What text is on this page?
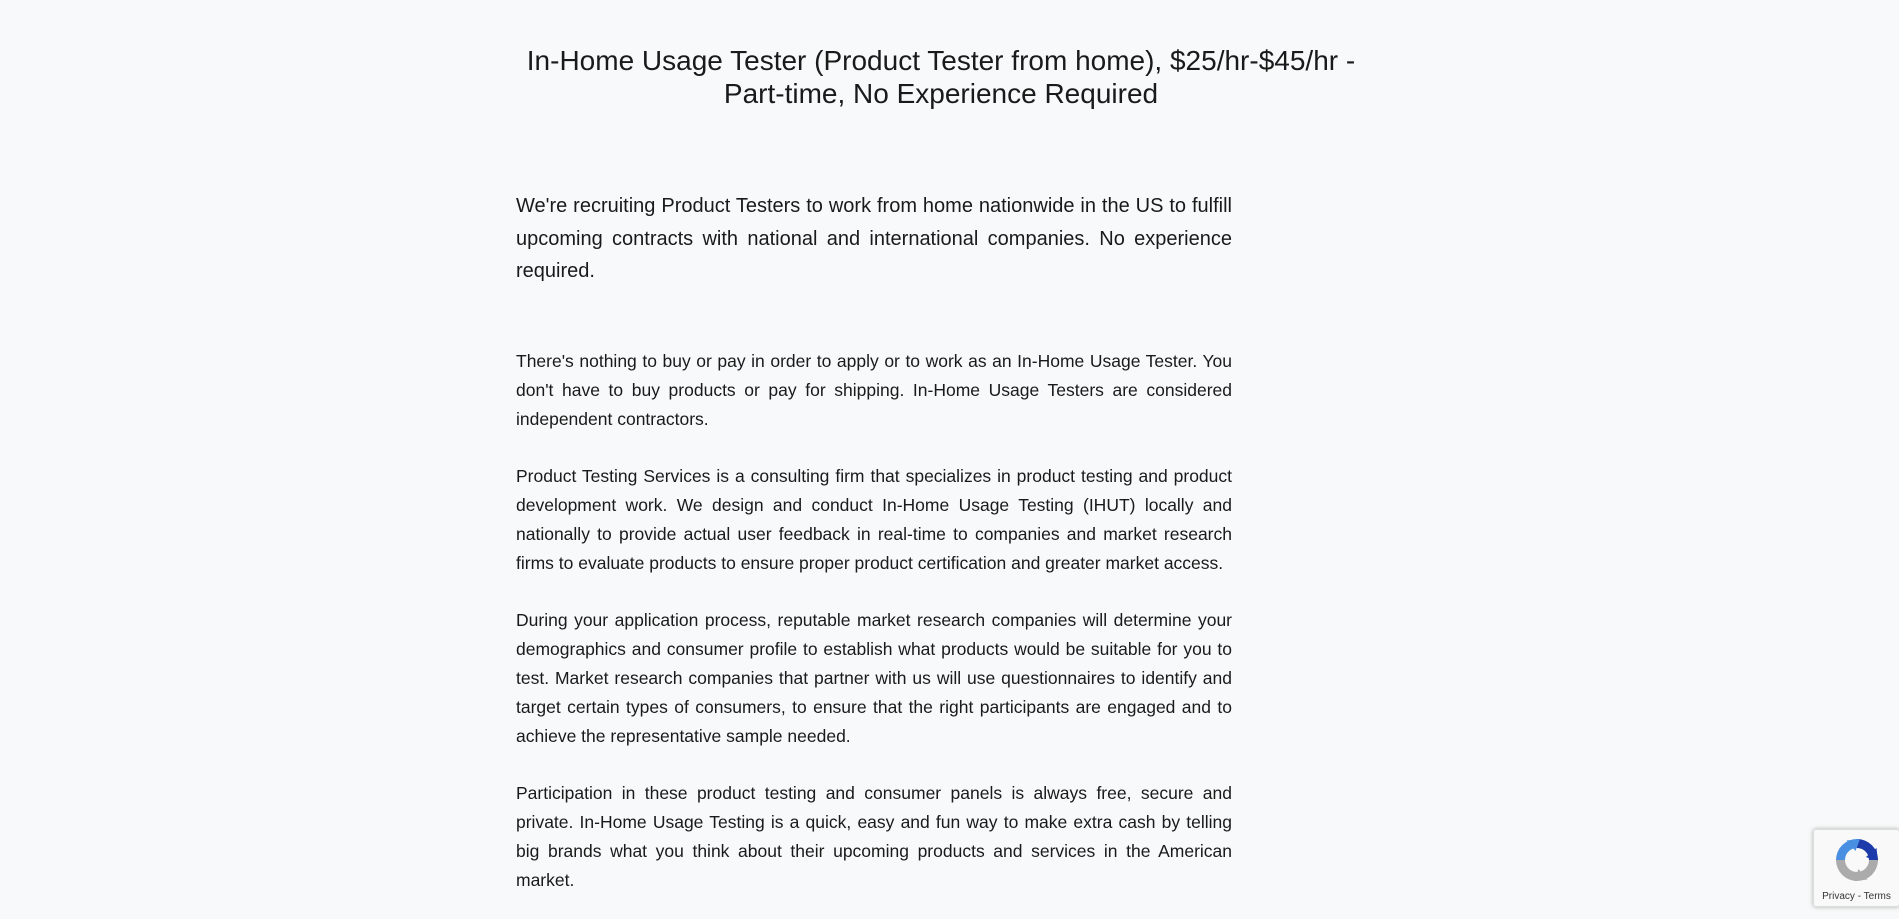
In-Home Usage Tester (Product Tester from home), $25/hr-$45/hr - Part-time, No Experience Required

We're recruiting Product Testers to work from home nationwide in the US to fulfill upcoming contracts with national and international companies. No experience required.

There's nothing to buy or pay in order to apply or to work as an In-Home Usage Tester. You don't have to buy products or pay for shipping. In-Home Usage Testers are considered independent contractors.

Product Testing Services is a consulting firm that specializes in product testing and product development work. We design and conduct In-Home Usage Testing (IHUT) locally and nationally to provide actual user feedback in real-time to companies and market research firms to evaluate products to ensure proper product certification and greater market access.

During your application process, reputable market research companies will determine your demographics and consumer profile to establish what products would be suitable for you to test. Market research companies that partner with us will use questionnaires to identify and target certain types of consumers, to ensure that the right participants are engaged and to achieve the representative sample needed.

Participation in these product testing and consumer panels is always free, secure and private. In-Home Usage Testing is a quick, easy and fun way to make extra cash by telling big brands what you think about their upcoming products and services in the American market.

Privacy - Terms
